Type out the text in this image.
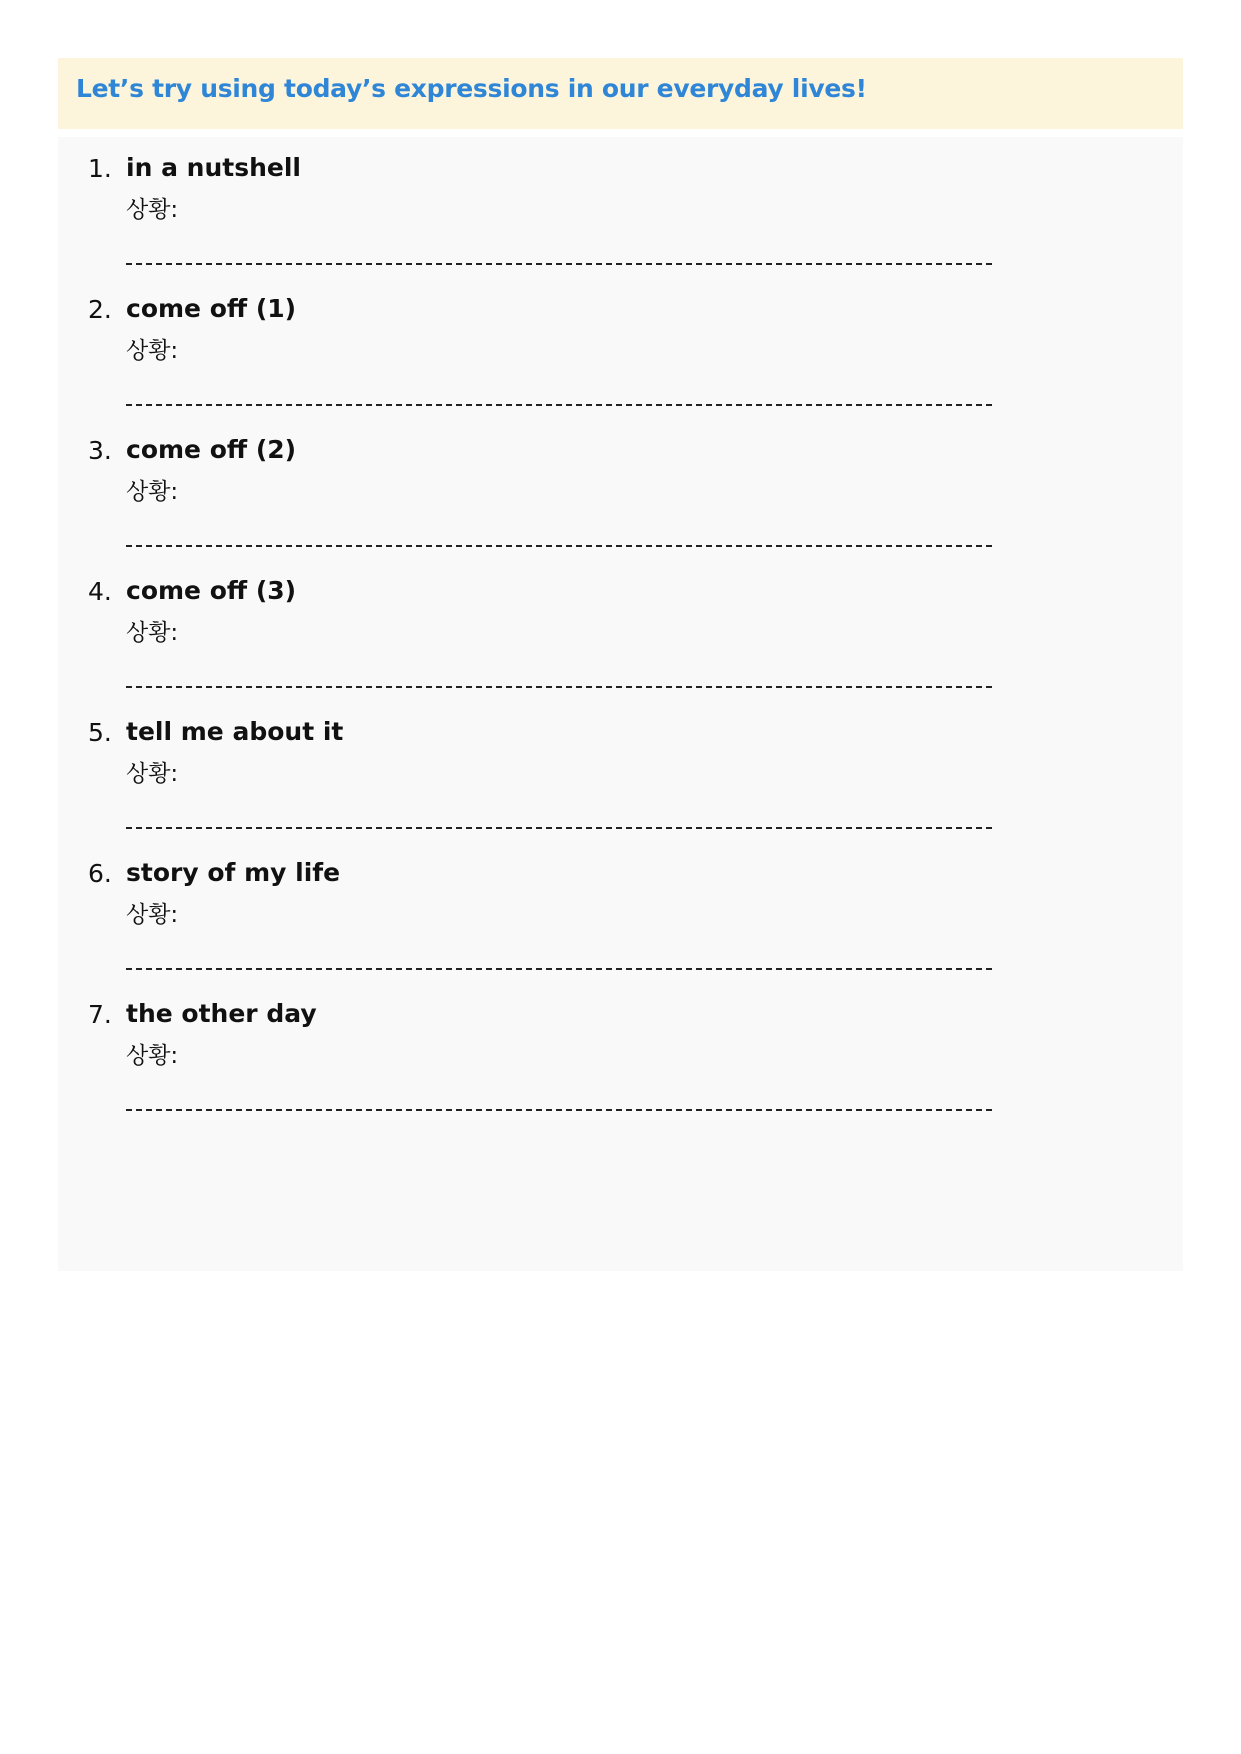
Let’s try using today’s expressions in our everyday lives!
1. in a nutshell
상황:
2. come off (1)
상황:
3. come off (2)
상황:
4. come off (3)
상황:
5. tell me about it
상황:
6. story of my life
상황:
7. the other day
상황:
